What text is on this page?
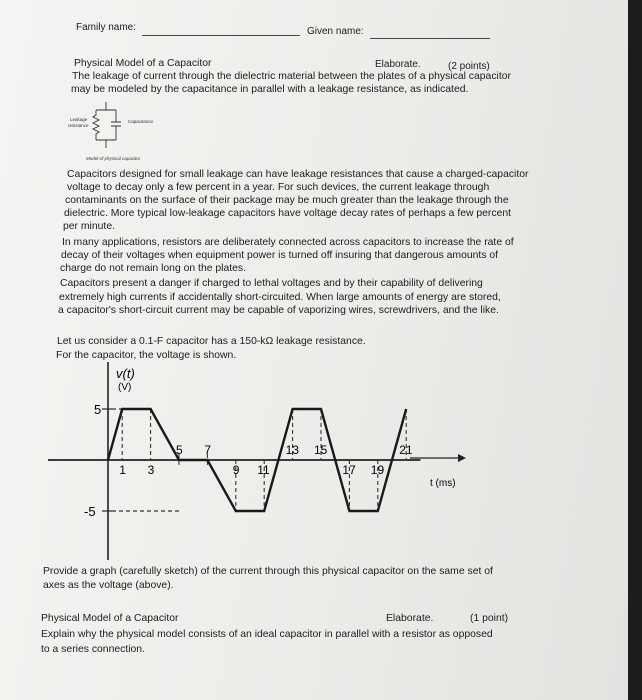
Family name:	Given name:
Physical Model of a Capacitor	Elaborate.	(2 points)
The leakage of current through the dielectric material between the plates of a physical capacitor
may be modeled by the capacitance in parallel with a leakage resistance, as indicated.
Leakage
resistance
Capacitance
Model of physical capacitor
Capacitors designed for small leakage can have leakage resistances that cause a charged-capacitor
voltage to decay only a few percent in a year. For such devices, the current leakage through
contaminants on the surface of their package may be much greater than the leakage through the
dielectric. More typical low-leakage capacitors have voltage decay rates of perhaps a few percent
per minute.
In many applications, resistors are deliberately connected across capacitors to increase the rate of
decay of their voltages when equipment power is turned off insuring that dangerous amounts of
charge do not remain long on the plates.
Capacitors present a danger if charged to lethal voltages and by their capability of delivering
extremely high currents if accidentally short-circuited. When large amounts of energy are stored,
a capacitor's short-circuit current may be capable of vaporizing wires, screwdrivers, and the like.
Let us consider a 0.1-F capacitor has a 150-kΩ leakage resistance.
For the capacitor, the voltage is shown.
v(t)
(V)
5
-5
1 3	9 11	17 19
5 7	13 15	21
t (ms)
Provide a graph (carefully sketch) of the current through this physical capacitor on the same set of
axes as the voltage (above).
Physical Model of a Capacitor	Elaborate.	(1 point)
Explain why the physical model consists of an ideal capacitor in parallel with a resistor as opposed
to a series connection.
